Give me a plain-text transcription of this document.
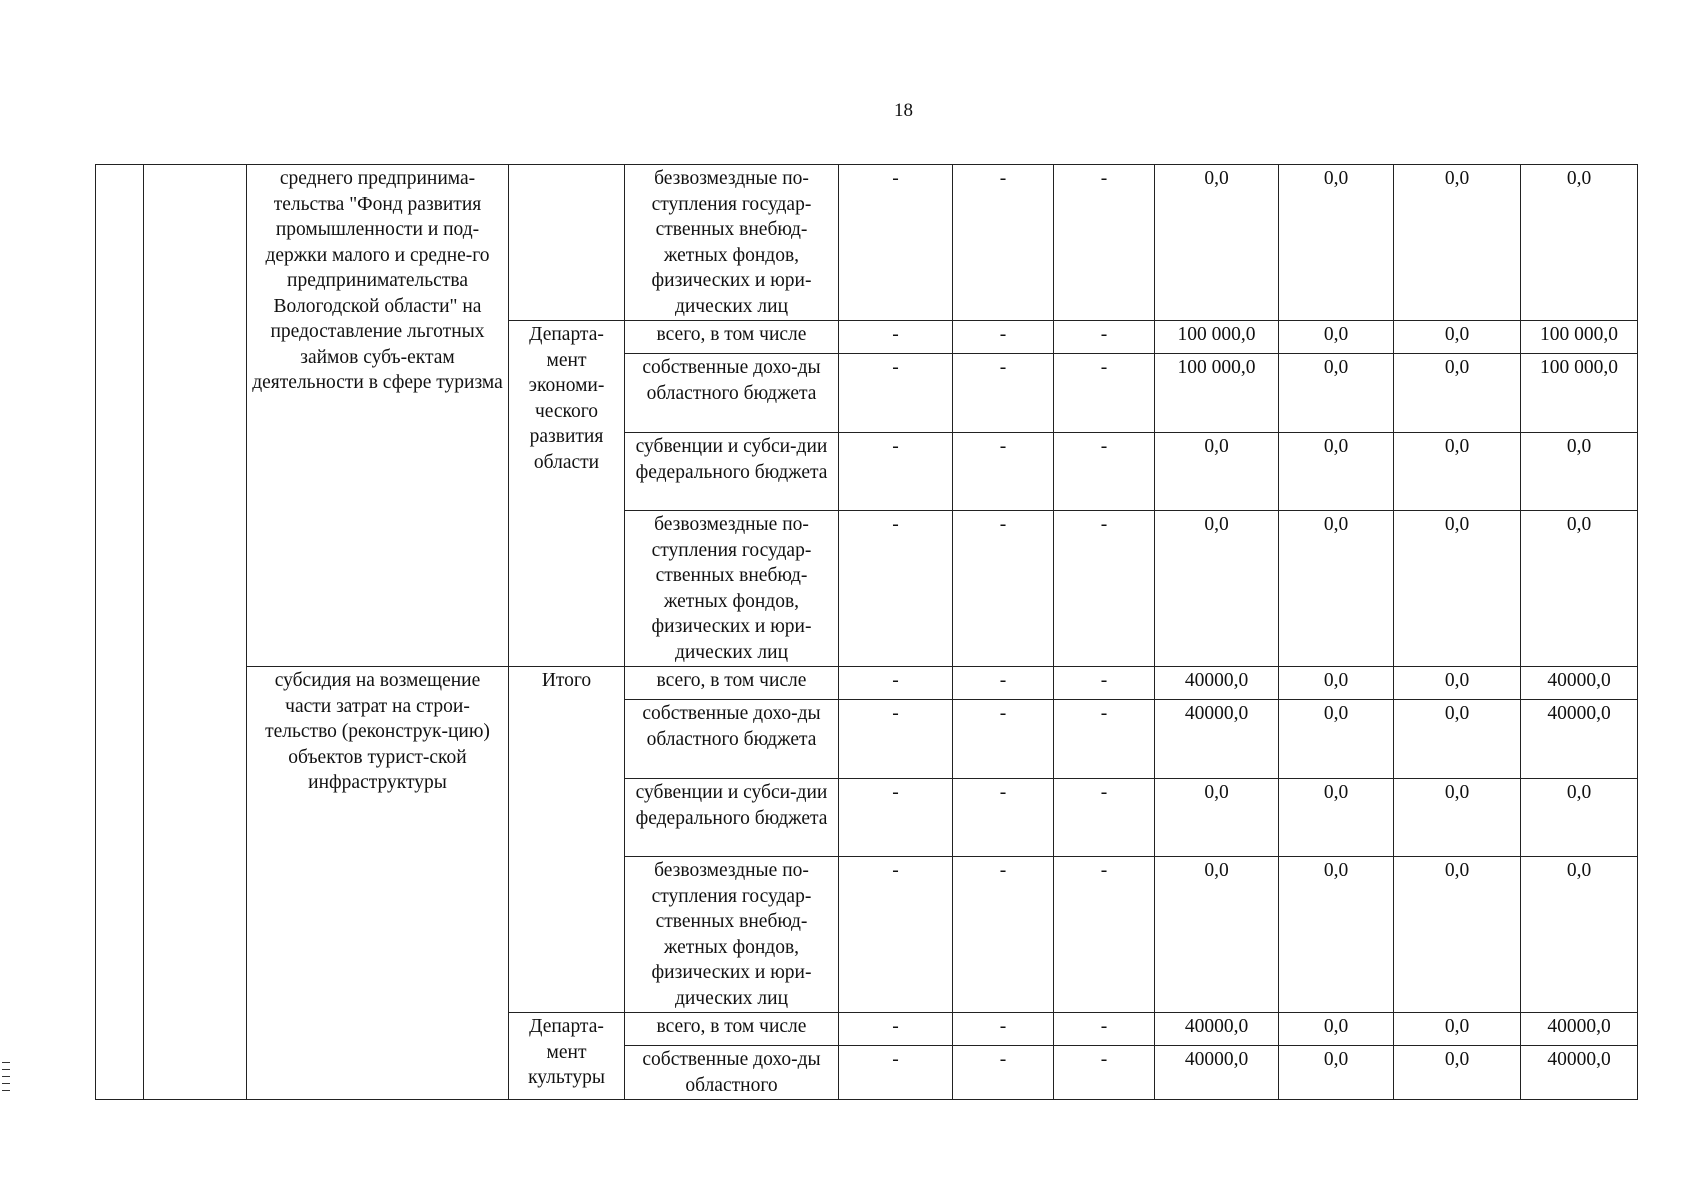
18
		среднего предпринима-тельства "Фонд развития промышленности и под-держки малого и средне-го предпринимательства Вологодской области" на предоставление льготных займов субъ-ектам деятельности в сфере туризма		безвозмездные по-ступления государ-ственных внебюд-жетных фондов, физических и юри-дических лиц	-	-	-	0,0	0,0	0,0	0,0
			Департа-мент экономи-ческого развития области	всего, в том числе	-	-	-	100 000,0	0,0	0,0	100 000,0
				собственные дохо-ды областного бюджета	-	-	-	100 000,0	0,0	0,0	100 000,0
				субвенции и субси-дии федерального бюджета	-	-	-	0,0	0,0	0,0	0,0
				безвозмездные по-ступления государ-ственных внебюд-жетных фондов, физических и юри-дических лиц	-	-	-	0,0	0,0	0,0	0,0
		субсидия на возмещение части затрат на строи-тельство (реконструк-цию) объектов турист-ской инфраструктуры	Итого	всего, в том числе	-	-	-	40000,0	0,0	0,0	40000,0
				собственные дохо-ды областного бюджета	-	-	-	40000,0	0,0	0,0	40000,0
				субвенции и субси-дии федерального бюджета	-	-	-	0,0	0,0	0,0	0,0
				безвозмездные по-ступления государ-ственных внебюд-жетных фондов, физических и юри-дических лиц	-	-	-	0,0	0,0	0,0	0,0
			Департа-мент культуры	всего, в том числе	-	-	-	40000,0	0,0	0,0	40000,0
				собственные дохо-ды областного	-	-	-	40000,0	0,0	0,0	40000,0
